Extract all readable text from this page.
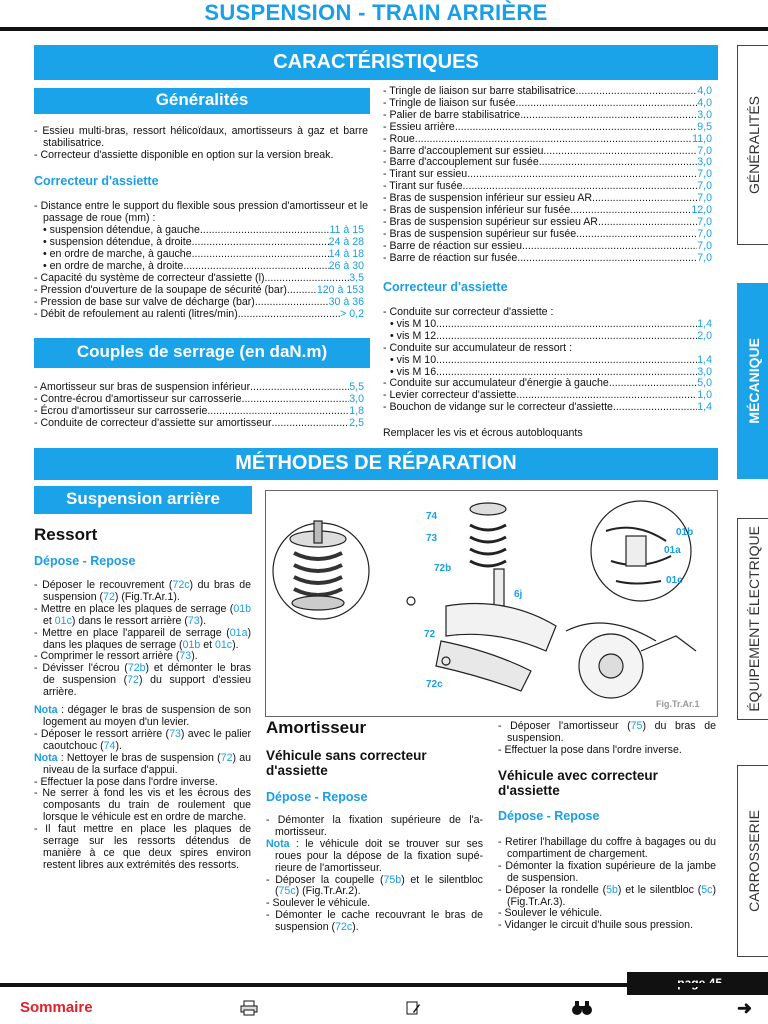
SUSPENSION - TRAIN ARRIÈRE
GÉNÉRALITÉS
MÉCANIQUE
ÉQUIPEMENT ÉLECTRIQUE
CARROSSERIE
CARACTÉRISTIQUES
Généralités

- Essieu multi-bras, ressort hélicoïdaux, amortisseurs à gaz et barre stabilisatrice.

- Correcteur d'assiette disponible en option sur la version break.

Correcteur d'assiette

- Distance entre le support du flexible sous pression d'amortisseur et le passage de roue (mm) :

• suspension détendue, à gauche .....	11 à 15
• suspension détendue, à droite .....	24 à 28
• en ordre de marche, à gauche .....	14 à 18
• en ordre de marche, à droite .....	26 à 30
- Capacité du système de correcteur d'assiette (l) .....	3,5
- Pression d'ouverture de la soupape de sécurité (bar).. ..... 120 à 153
- Pression de base sur valve de décharge (bar) .....	30 à 36
- Débit de refoulement au ralenti (litres/min) .....	> 0,2
Couples de serrage (en daN.m)
- Amortisseur sur bras de suspension inférieur .....	5,5
- Contre-écrou d'amortisseur sur carrosserie .....	3,0
- Écrou d'amortisseur sur carrosserie .....	1,8
- Conduite de correcteur d'assiette sur amortisseur .....	2,5
- Tringle de liaison sur barre stabilisatrice .....	4,0
- Tringle de liaison sur fusée .....	4,0
- Palier de barre stabilisatrice .....	3,0
- Essieu arrière .....	9,5
- Roue .....	11,0
- Barre d'accouplement sur essieu .....	7,0
- Barre d'accouplement sur fusée .....	3,0
- Tirant sur essieu .....	7,0
- Tirant sur fusée .....	7,0
- Bras de suspension inférieur sur essieu AR .....	7,0
- Bras de suspension inférieur sur fusée .....	12,0
- Bras de suspension supérieur sur essieu AR .....	7,0
- Bras de suspension supérieur sur fusée .....	7,0
- Barre de réaction sur essieu .....	7,0
- Barre de réaction sur fusée .....	7,0
Correcteur d'assiette
- Conduite sur correcteur d'assiette :
• vis M 10 .....	1,4
• vis M 12 .....	2,0
- Conduite sur accumulateur de ressort :
• vis M 10 .....	1,4
• vis M 16 .....	3,0
- Conduite sur accumulateur d'énergie à gauche .....	5,0
- Levier correcteur d'assiette .....	1,0
- Bouchon de vidange sur le correcteur d'assiette .....	1,4
Remplacer les vis et écrous autobloquants
MÉTHODES DE RÉPARATION
Suspension arrière
Ressort
Dépose - Repose

- Déposer le recouvrement (72c) du bras de suspension (72) (Fig.Tr.Ar.1).

- Mettre en place les plaques de serrage (01b et 01c) dans le ressort arrière (73).

- Mettre en place l'appareil de serrage (01a) dans les plaques de serrage (01b et 01c).

- Comprimer le ressort arrière (73).

- Dévisser l'écrou (72b) et démonter le bras de suspension (72) du support d'essieu arrière.

Nota : dégager le bras de suspension de son logement au moyen d'un levier.

- Déposer le ressort arrière (73) avec le palier caoutchouc (74).

Nota : Nettoyer le bras de suspension (72) au niveau de la surface d'appui.

- Effectuer la pose dans l'ordre inverse.

- Ne serrer à fond les vis et les écrous des composants du train de roulement que lorsque le véhicule est en ordre de marche.

- Il faut mettre en place les plaques de serrage sur les ressorts détendus de manière à ce que deux spires environ restent libres aux extrémités des ressorts.

74
73
72b
6j
72
72c
01b
01a
01c
Fig.Tr.Ar.1
Amortisseur
Véhicule sans correcteur d'assiette
Dépose - Repose

- Démonter la fixation supérieure de l'a-mortisseur.

Nota : le véhicule doit se trouver sur ses roues pour la dépose de la fixation supé-rieure de l'amortisseur.

- Déposer la coupelle (75b) et le silentbloc (75c) (Fig.Tr.Ar.2).

- Soulever le véhicule.

- Démonter le cache recouvrant le bras de suspension (72c).

- Déposer l'amortisseur (75) du bras de suspension.

- Effectuer la pose dans l'ordre inverse.

Véhicule avec correcteur d'assiette
Dépose - Repose

- Retirer l'habillage du coffre à bagages ou du compartiment de chargement.

- Démonter la fixation supérieure de la jambe de suspension.

- Déposer la rondelle (5b) et le silentbloc (5c) (Fig.Tr.Ar.3).

- Soulever le véhicule.

- Vidanger le circuit d'huile sous pression.

Sommaire	➜
